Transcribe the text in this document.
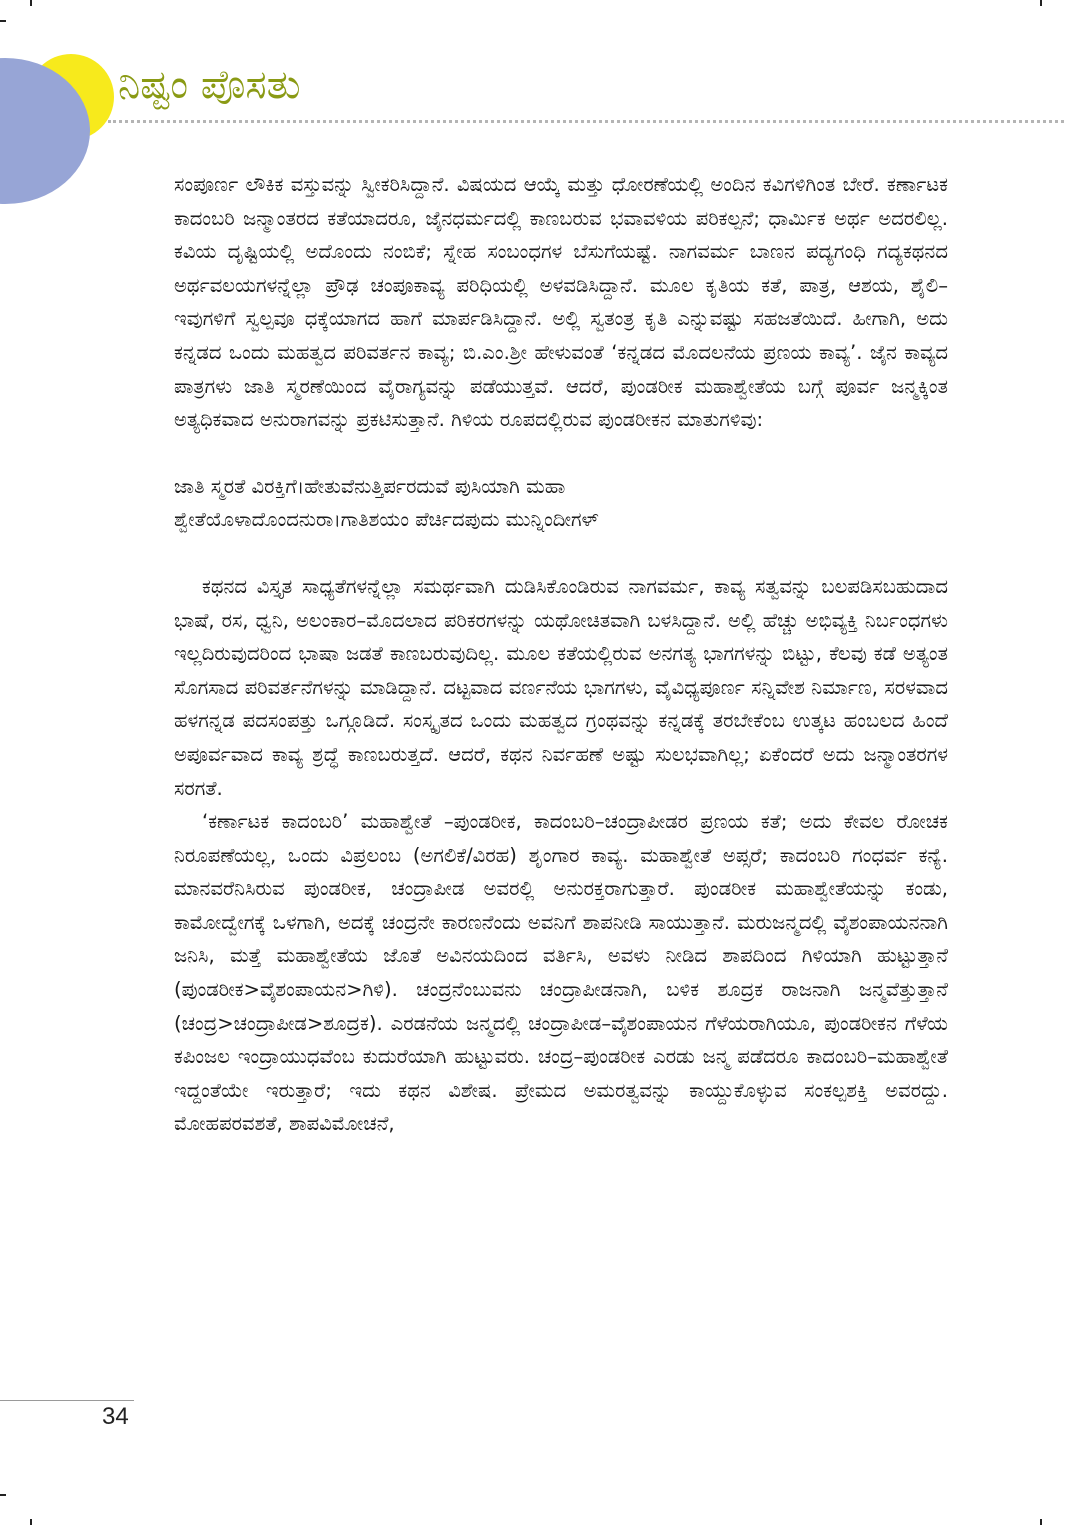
ನಿಷ್ಟಂ ಪೊಸತು

ಸಂಪೂರ್ಣ ಲೌಕಿಕ ವಸ್ತುವನ್ನು ಸ್ವೀಕರಿಸಿದ್ದಾನೆ. ವಿಷಯದ ಆಯ್ಕೆ ಮತ್ತು ಧೋರಣೆಯಲ್ಲಿ ಅಂದಿನ ಕವಿಗಳಿಗಿಂತ ಬೇರೆ. ಕರ್ಣಾಟಕ ಕಾದಂಬರಿ ಜನ್ಮಾಂತರದ ಕತೆಯಾದರೂ, ಜೈನಧರ್ಮದಲ್ಲಿ ಕಾಣಬರುವ ಭವಾವಳಿಯ ಪರಿಕಲ್ಪನೆ; ಧಾರ್ಮಿಕ ಅರ್ಥ ಅದರಲಿಲ್ಲ. ಕವಿಯ ದೃಷ್ಟಿಯಲ್ಲಿ ಅದೊಂದು ನಂಬಿಕೆ; ಸ್ನೇಹ ಸಂಬಂಧಗಳ ಬೆಸುಗೆಯಷ್ಟೆ. ನಾಗವರ್ಮ ಬಾಣನ ಪದ್ಯಗಂಧಿ ಗದ್ಯಕಥನದ ಅರ್ಥವಲಯಗಳನ್ನೆಲ್ಲಾ ಪ್ರೌಢ ಚಂಪೂಕಾವ್ಯ ಪರಿಧಿಯಲ್ಲಿ ಅಳವಡಿಸಿದ್ದಾನೆ. ಮೂಲ ಕೃತಿಯ ಕತೆ, ಪಾತ್ರ, ಆಶಯ, ಶೈಲಿ–ಇವುಗಳಿಗೆ ಸ್ವಲ್ಪವೂ ಧಕ್ಕೆಯಾಗದ ಹಾಗೆ ಮಾರ್ಪಡಿಸಿದ್ದಾನೆ. ಅಲ್ಲಿ ಸ್ವತಂತ್ರ ಕೃತಿ ಎನ್ನುವಷ್ಟು ಸಹಜತೆಯಿದೆ. ಹೀಗಾಗಿ, ಅದು ಕನ್ನಡದ ಒಂದು ಮಹತ್ವದ ಪರಿವರ್ತನ ಕಾವ್ಯ; ಬಿ.ಎಂ.ಶ್ರೀ ಹೇಳುವಂತೆ ‘ಕನ್ನಡದ ಮೊದಲನೆಯ ಪ್ರಣಯ ಕಾವ್ಯ’. ಜೈನ ಕಾವ್ಯದ ಪಾತ್ರಗಳು ಜಾತಿ ಸ್ಮರಣೆಯಿಂದ ವೈರಾಗ್ಯವನ್ನು ಪಡೆಯುತ್ತವೆ. ಆದರೆ, ಪುಂಡರೀಕ ಮಹಾಶ್ವೇತೆಯ ಬಗ್ಗೆ ಪೂರ್ವ ಜನ್ಮಕ್ಕಿಂತ ಅತ್ಯಧಿಕವಾದ ಅನುರಾಗವನ್ನು ಪ್ರಕಟಿಸುತ್ತಾನೆ. ಗಿಳಿಯ ರೂಪದಲ್ಲಿರುವ ಪುಂಡರೀಕನ ಮಾತುಗಳಿವು:

ಜಾತಿ ಸ್ಮರತೆ ವಿರಕ್ತಿಗೆ।ಹೇತುವೆನುತ್ತಿರ್ಪರದುವೆ ಪುಸಿಯಾಗಿ ಮಹಾ

ಶ್ವೇತೆಯೊಳಾದೊಂದನುರಾ।ಗಾತಿಶಯಂ ಪೆರ್ಚಿದಪುದು ಮುನ್ನಿಂದೀಗಳ್

ಕಥನದ ವಿಸ್ತೃತ ಸಾಧ್ಯತೆಗಳನ್ನೆಲ್ಲಾ ಸಮರ್ಥವಾಗಿ ದುಡಿಸಿಕೊಂಡಿರುವ ನಾಗವರ್ಮ, ಕಾವ್ಯ ಸತ್ವವನ್ನು ಬಲಪಡಿಸಬಹುದಾದ ಭಾಷೆ, ರಸ, ಧ್ವನಿ, ಅಲಂಕಾರ–ಮೊದಲಾದ ಪರಿಕರಗಳನ್ನು ಯಥೋಚಿತವಾಗಿ ಬಳಸಿದ್ದಾನೆ. ಅಲ್ಲಿ ಹೆಚ್ಚು ಅಭಿವ್ಯಕ್ತಿ ನಿರ್ಬಂಧಗಳು ಇಲ್ಲದಿರುವುದರಿಂದ ಭಾಷಾ ಜಡತೆ ಕಾಣಬರುವುದಿಲ್ಲ. ಮೂಲ ಕತೆಯಲ್ಲಿರುವ ಅನಗತ್ಯ ಭಾಗಗಳನ್ನು ಬಿಟ್ಟು, ಕೆಲವು ಕಡೆ ಅತ್ಯಂತ ಸೊಗಸಾದ ಪರಿವರ್ತನೆಗಳನ್ನು ಮಾಡಿದ್ದಾನೆ. ದಟ್ಟವಾದ ವರ್ಣನೆಯ ಭಾಗಗಳು, ವೈವಿಧ್ಯಪೂರ್ಣ ಸನ್ನಿವೇಶ ನಿರ್ಮಾಣ, ಸರಳವಾದ ಹಳಗನ್ನಡ ಪದಸಂಪತ್ತು ಒಗ್ಗೂಡಿದೆ. ಸಂಸ್ಕೃತದ ಒಂದು ಮಹತ್ವದ ಗ್ರಂಥವನ್ನು ಕನ್ನಡಕ್ಕೆ ತರಬೇಕೆಂಬ ಉತ್ಕಟ ಹಂಬಲದ ಹಿಂದೆ ಅಪೂರ್ವವಾದ ಕಾವ್ಯ ಶ್ರದ್ಧೆ ಕಾಣಬರುತ್ತದೆ. ಆದರೆ, ಕಥನ ನಿರ್ವಹಣೆ ಅಷ್ಟು ಸುಲಭವಾಗಿಲ್ಲ; ಏಕೆಂದರೆ ಅದು ಜನ್ಮಾಂತರಗಳ ಸರಗತೆ.

‘ಕರ್ಣಾಟಕ ಕಾದಂಬರಿ’ ಮಹಾಶ್ವೇತೆ –ಪುಂಡರೀಕ, ಕಾದಂಬರಿ–ಚಂದ್ರಾಪೀಡರ ಪ್ರಣಯ ಕತೆ; ಅದು ಕೇವಲ ರೋಚಕ ನಿರೂಪಣೆಯಲ್ಲ, ಒಂದು ವಿಪ್ರಲಂಬ (ಅಗಲಿಕೆ/ವಿರಹ) ಶೃಂಗಾರ ಕಾವ್ಯ. ಮಹಾಶ್ವೇತೆ ಅಪ್ಸರೆ; ಕಾದಂಬರಿ ಗಂಧರ್ವ ಕನ್ಯೆ. ಮಾನವರೆನಿಸಿರುವ ಪುಂಡರೀಕ, ಚಂದ್ರಾಪೀಡ ಅವರಲ್ಲಿ ಅನುರಕ್ತರಾಗುತ್ತಾರೆ. ಪುಂಡರೀಕ ಮಹಾಶ್ವೇತೆಯನ್ನು ಕಂಡು, ಕಾಮೋದ್ವೇಗಕ್ಕೆ ಒಳಗಾಗಿ, ಅದಕ್ಕೆ ಚಂದ್ರನೇ ಕಾರಣನೆಂದು ಅವನಿಗೆ ಶಾಪನೀಡಿ ಸಾಯುತ್ತಾನೆ. ಮರುಜನ್ಮದಲ್ಲಿ ವೈಶಂಪಾಯನನಾಗಿ ಜನಿಸಿ, ಮತ್ತೆ ಮಹಾಶ್ವೇತೆಯ ಜೊತೆ ಅವಿನಯದಿಂದ ವರ್ತಿಸಿ, ಅವಳು ನೀಡಿದ ಶಾಪದಿಂದ ಗಿಳಿಯಾಗಿ ಹುಟ್ಟುತ್ತಾನೆ (ಪುಂಡರೀಕ>ವೈಶಂಪಾಯನ>ಗಿಳಿ). ಚಂದ್ರನೆಂಬುವನು ಚಂದ್ರಾಪೀಡನಾಗಿ, ಬಳಿಕ ಶೂದ್ರಕ ರಾಜನಾಗಿ ಜನ್ಮವೆತ್ತುತ್ತಾನೆ (ಚಂದ್ರ>ಚಂದ್ರಾಪೀಡ>ಶೂದ್ರಕ). ಎರಡನೆಯ ಜನ್ಮದಲ್ಲಿ ಚಂದ್ರಾಪೀಡ–ವೈಶಂಪಾಯನ ಗೆಳೆಯರಾಗಿಯೂ, ಪುಂಡರೀಕನ ಗೆಳೆಯ ಕಪಿಂಜಲ ಇಂದ್ರಾಯುಧವೆಂಬ ಕುದುರೆಯಾಗಿ ಹುಟ್ಟುವರು. ಚಂದ್ರ–ಪುಂಡರೀಕ ಎರಡು ಜನ್ಮ ಪಡೆದರೂ ಕಾದಂಬರಿ–ಮಹಾಶ್ವೇತೆ ಇದ್ದಂತೆಯೇ ಇರುತ್ತಾರೆ; ಇದು ಕಥನ ವಿಶೇಷ. ಪ್ರೇಮದ ಅಮರತ್ವವನ್ನು ಕಾಯ್ದುಕೊಳ್ಳುವ ಸಂಕಲ್ಪಶಕ್ತಿ ಅವರದ್ದು. ಮೋಹಪರವಶತೆ, ಶಾಪವಿಮೋಚನೆ,

34
